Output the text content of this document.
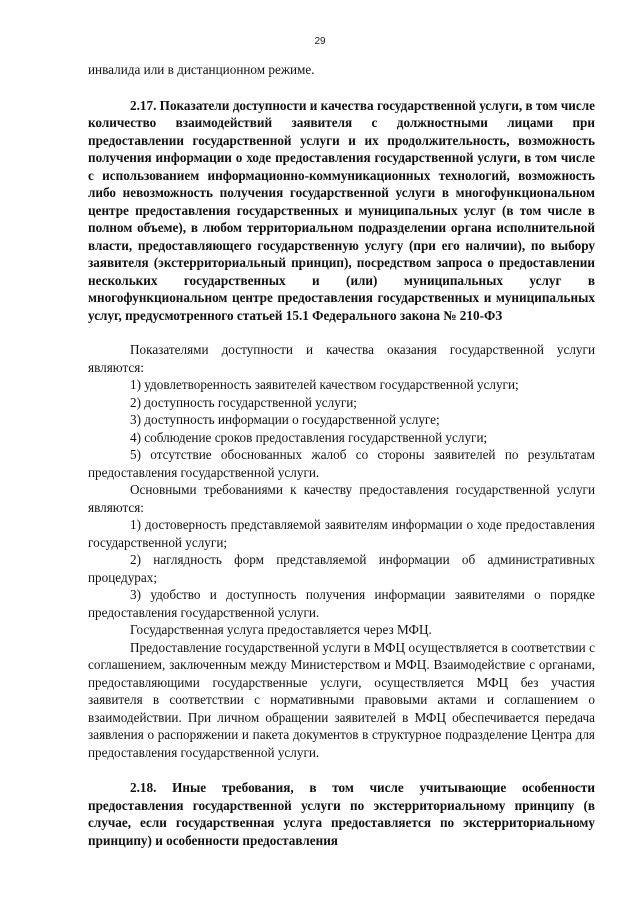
29

инвалида или в дистанционном режиме.

2.17. Показатели доступности и качества государственной услуги, в том числе количество взаимодействий заявителя с должностными лицами при предоставлении государственной услуги и их продолжительность, возможность получения информации о ходе предоставления государственной услуги, в том числе с использованием информационно-коммуникационных технологий, возможность либо невозможность получения государственной услуги в многофункциональном центре предоставления государственных и муниципальных услуг (в том числе в полном объеме), в любом территориальном подразделении органа исполнительной власти, предоставляющего государственную услугу (при его наличии), по выбору заявителя (экстерриториальный принцип), посредством запроса о предоставлении нескольких государственных и (или) муниципальных услуг в многофункциональном центре предоставления государственных и муниципальных услуг, предусмотренного статьей 15.1 Федерального закона № 210-ФЗ

Показателями доступности и качества оказания государственной услуги являются:

1) удовлетворенность заявителей качеством государственной услуги;

2) доступность государственной услуги;

3) доступность информации о государственной услуге;

4) соблюдение сроков предоставления государственной услуги;

5) отсутствие обоснованных жалоб со стороны заявителей по результатам предоставления государственной услуги.

Основными требованиями к качеству предоставления государственной услуги являются:

1) достоверность представляемой заявителям информации о ходе предоставления государственной услуги;

2) наглядность форм представляемой информации об административных процедурах;

3) удобство и доступность получения информации заявителями о порядке предоставления государственной услуги.

Государственная услуга предоставляется через МФЦ.

Предоставление государственной услуги в МФЦ осуществляется в соответствии с соглашением, заключенным между Министерством и МФЦ. Взаимодействие с органами, предоставляющими государственные услуги, осуществляется МФЦ без участия заявителя в соответствии с нормативными правовыми актами и соглашением о взаимодействии. При личном обращении заявителей в МФЦ обеспечивается передача заявления о распоряжении и пакета документов в структурное подразделение Центра для предоставления государственной услуги.

2.18. Иные требования, в том числе учитывающие особенности предоставления государственной услуги по экстерриториальному принципу (в случае, если государственная услуга предоставляется по экстерриториальному принципу) и особенности предоставления
